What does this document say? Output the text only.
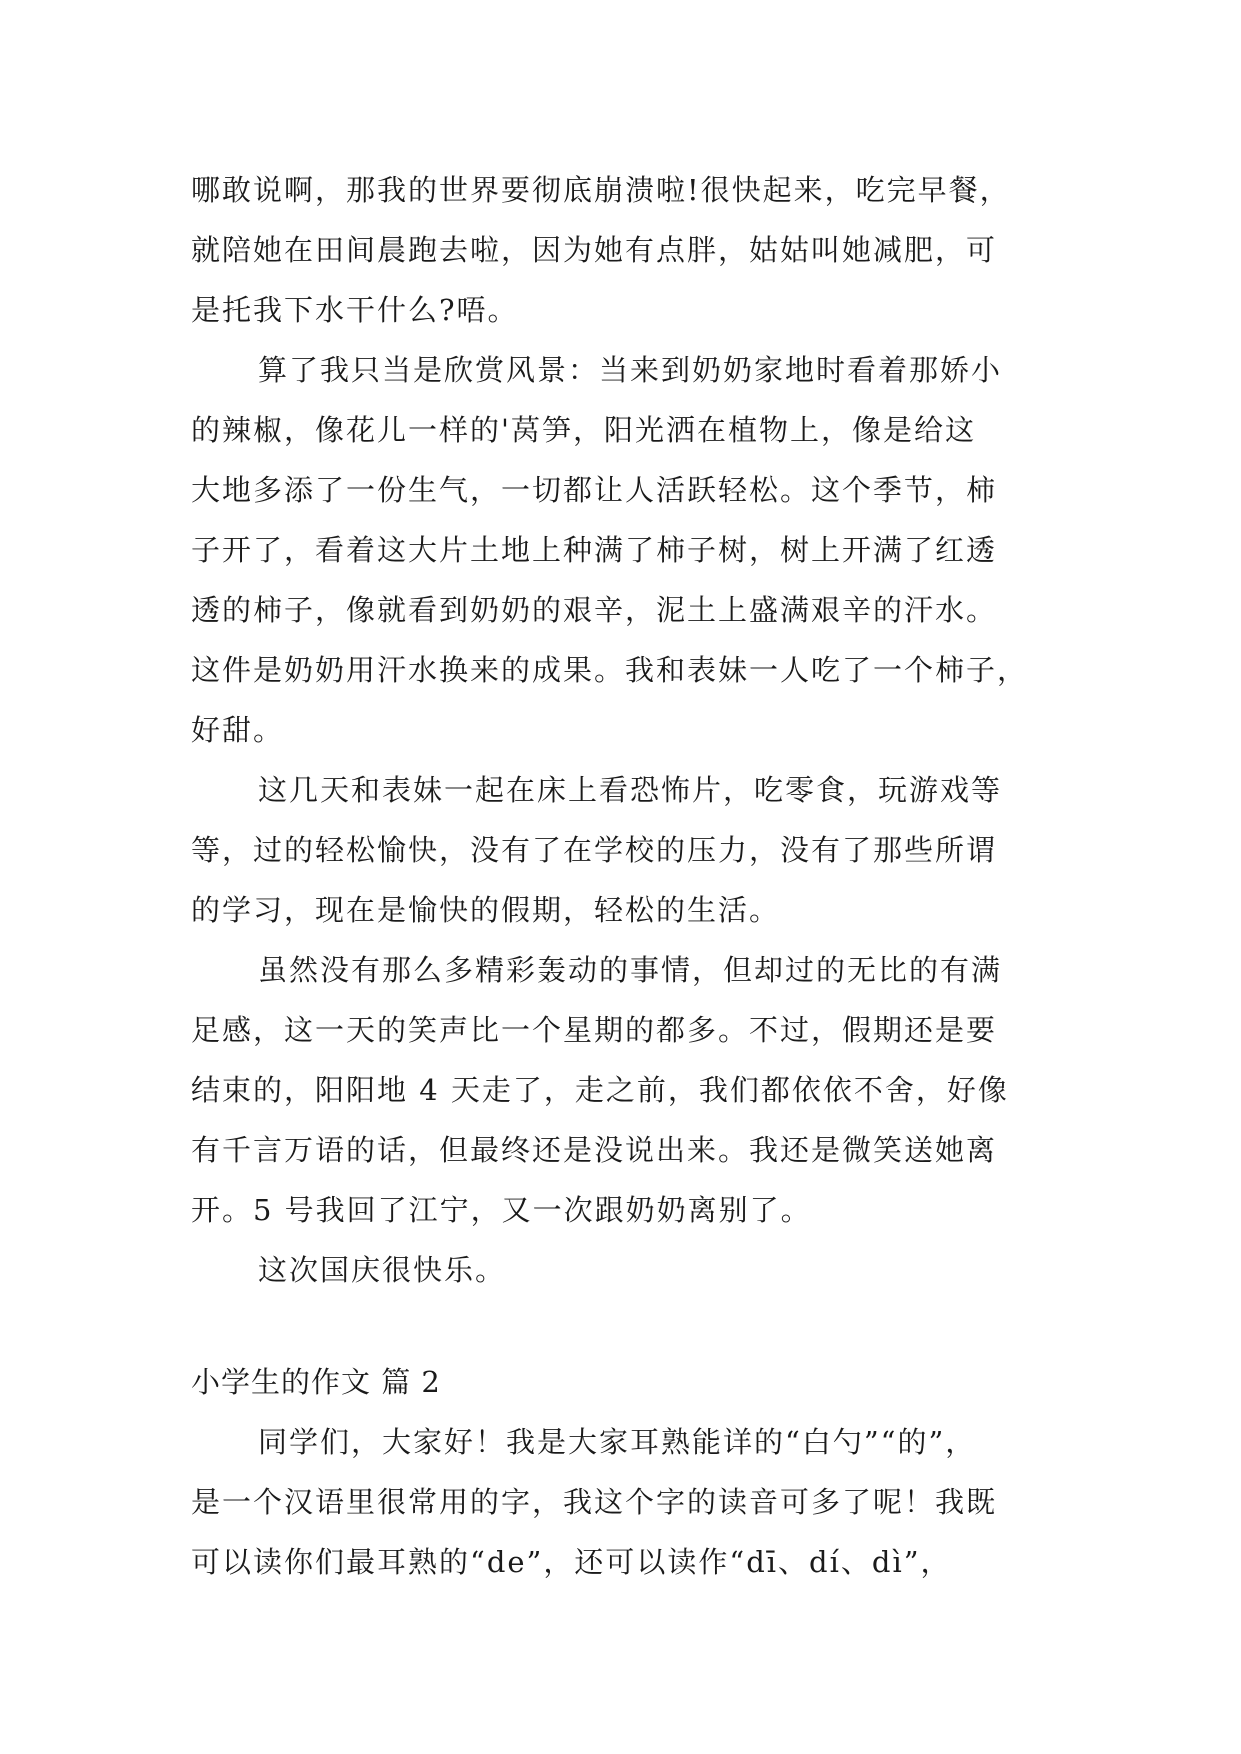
哪敢说啊，那我的世界要彻底崩溃啦!很快起来，吃完早餐，
就陪她在田间晨跑去啦，因为她有点胖，姑姑叫她减肥，可
是托我下水干什么?唔。
算了我只当是欣赏风景：当来到奶奶家地时看着那娇小
的辣椒，像花儿一样的'莴笋，阳光洒在植物上，像是给这
大地多添了一份生气，一切都让人活跃轻松。这个季节，柿
子开了，看着这大片土地上种满了柿子树，树上开满了红透
透的柿子，像就看到奶奶的艰辛，泥土上盛满艰辛的汗水。
这件是奶奶用汗水换来的成果。我和表妹一人吃了一个柿子，
好甜。
这几天和表妹一起在床上看恐怖片，吃零食，玩游戏等
等，过的轻松愉快，没有了在学校的压力，没有了那些所谓
的学习，现在是愉快的假期，轻松的生活。
虽然没有那么多精彩轰动的事情，但却过的无比的有满
足感，这一天的笑声比一个星期的都多。不过，假期还是要
结束的，阳阳地 4 天走了，走之前，我们都依依不舍，好像
有千言万语的话，但最终还是没说出来。我还是微笑送她离
开。5 号我回了江宁，又一次跟奶奶离别了。
这次国庆很快乐。
小学生的作文 篇 2
同学们，大家好！我是大家耳熟能详的“白勺”“的”，
是一个汉语里很常用的字，我这个字的读音可多了呢！我既
可以读你们最耳熟的“de”，还可以读作“dī、dí、dì”，
